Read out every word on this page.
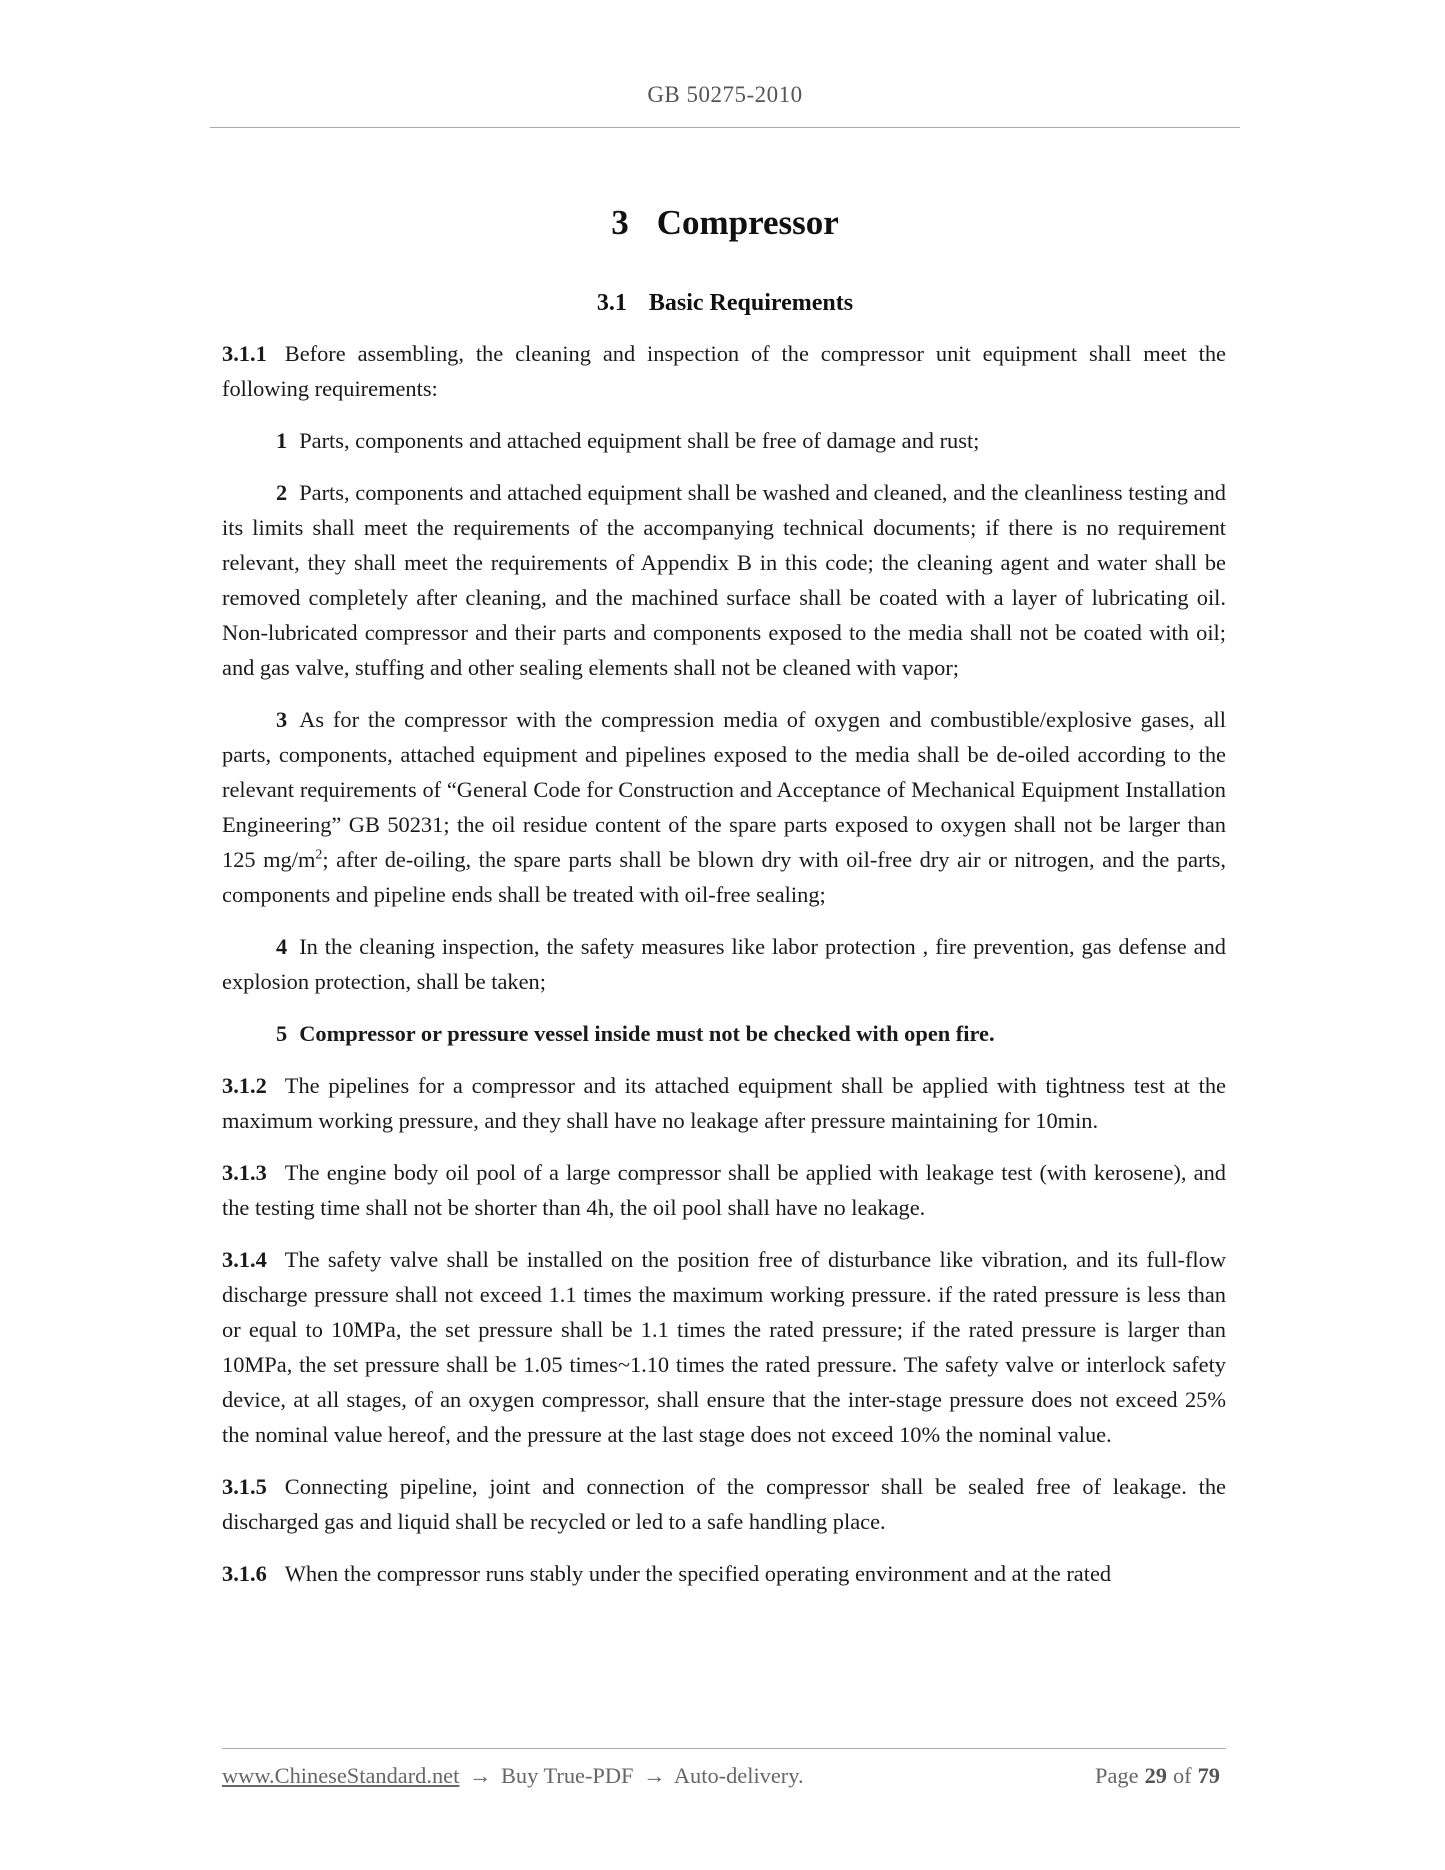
GB 50275-2010
3 Compressor
3.1 Basic Requirements

3.1.1 Before assembling, the cleaning and inspection of the compressor unit equipment shall meet the following requirements:

1 Parts, components and attached equipment shall be free of damage and rust;

2 Parts, components and attached equipment shall be washed and cleaned, and the cleanliness testing and its limits shall meet the requirements of the accompanying technical documents; if there is no requirement relevant, they shall meet the requirements of Appendix B in this code; the cleaning agent and water shall be removed completely after cleaning, and the machined surface shall be coated with a layer of lubricating oil. Non-lubricated compressor and their parts and components exposed to the media shall not be coated with oil; and gas valve, stuffing and other sealing elements shall not be cleaned with vapor;

3 As for the compressor with the compression media of oxygen and combustible/explosive gases, all parts, components, attached equipment and pipelines exposed to the media shall be de-oiled according to the relevant requirements of “General Code for Construction and Acceptance of Mechanical Equipment Installation Engineering” GB 50231; the oil residue content of the spare parts exposed to oxygen shall not be larger than 125 $mg/m^2$; after de-oiling, the spare parts shall be blown dry with oil-free dry air or nitrogen, and the parts, components and pipeline ends shall be treated with oil-free sealing;

4 In the cleaning inspection, the safety measures like labor protection , fire prevention, gas defense and explosion protection, shall be taken;

5 Compressor or pressure vessel inside must not be checked with open fire.

3.1.2 The pipelines for a compressor and its attached equipment shall be applied with tightness test at the maximum working pressure, and they shall have no leakage after pressure maintaining for 10min.

3.1.3 The engine body oil pool of a large compressor shall be applied with leakage test (with kerosene), and the testing time shall not be shorter than 4h, the oil pool shall have no leakage.

3.1.4 The safety valve shall be installed on the position free of disturbance like vibration, and its full-flow discharge pressure shall not exceed 1.1 times the maximum working pressure. if the rated pressure is less than or equal to 10MPa, the set pressure shall be 1.1 times the rated pressure; if the rated pressure is larger than 10MPa, the set pressure shall be 1.05 times~1.10 times the rated pressure. The safety valve or interlock safety device, at all stages, of an oxygen compressor, shall ensure that the inter-stage pressure does not exceed 25% the nominal value hereof, and the pressure at the last stage does not exceed 10% the nominal value.

3.1.5 Connecting pipeline, joint and connection of the compressor shall be sealed free of leakage. the discharged gas and liquid shall be recycled or led to a safe handling place.

3.1.6 When the compressor runs stably under the specified operating environment and at the rated

www.ChineseStandard.net → Buy True-PDF → Auto-delivery.	Page 29 of 79
